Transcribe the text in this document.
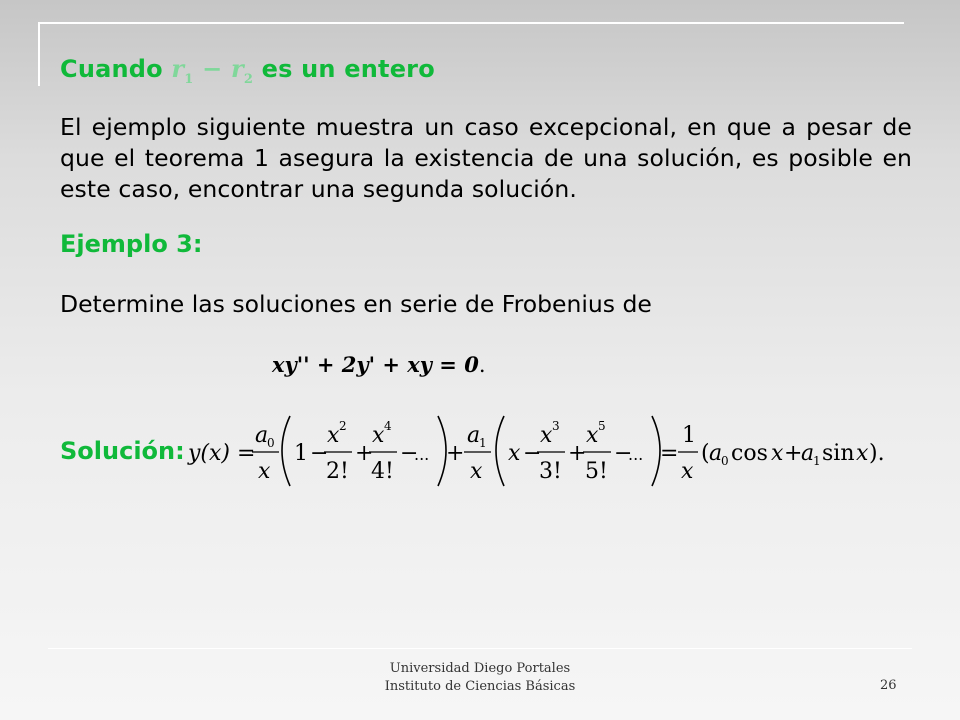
Cuando $r_1 - r_2$ es un entero
El ejemplo siguiente muestra un caso excepcional, en que a pesar de que el teorema 1 asegura la existencia de una solución, es posible en este caso, encontrar una segunda solución.
Ejemplo 3:
Determine las soluciones en serie de Frobenius de
xy'' + 2y' + xy = 0.
Solución: y(x) =
a
0
x
1 −
x 2
2!
+
x 4
4!
−
... +
a
1
x
x −
x 3
3!
+
x 5
5!
−
... =
1
x
( a
0 cos x +
a
1 sin x ).
Universidad Diego Portales
Instituto de Ciencias Básicas	26
